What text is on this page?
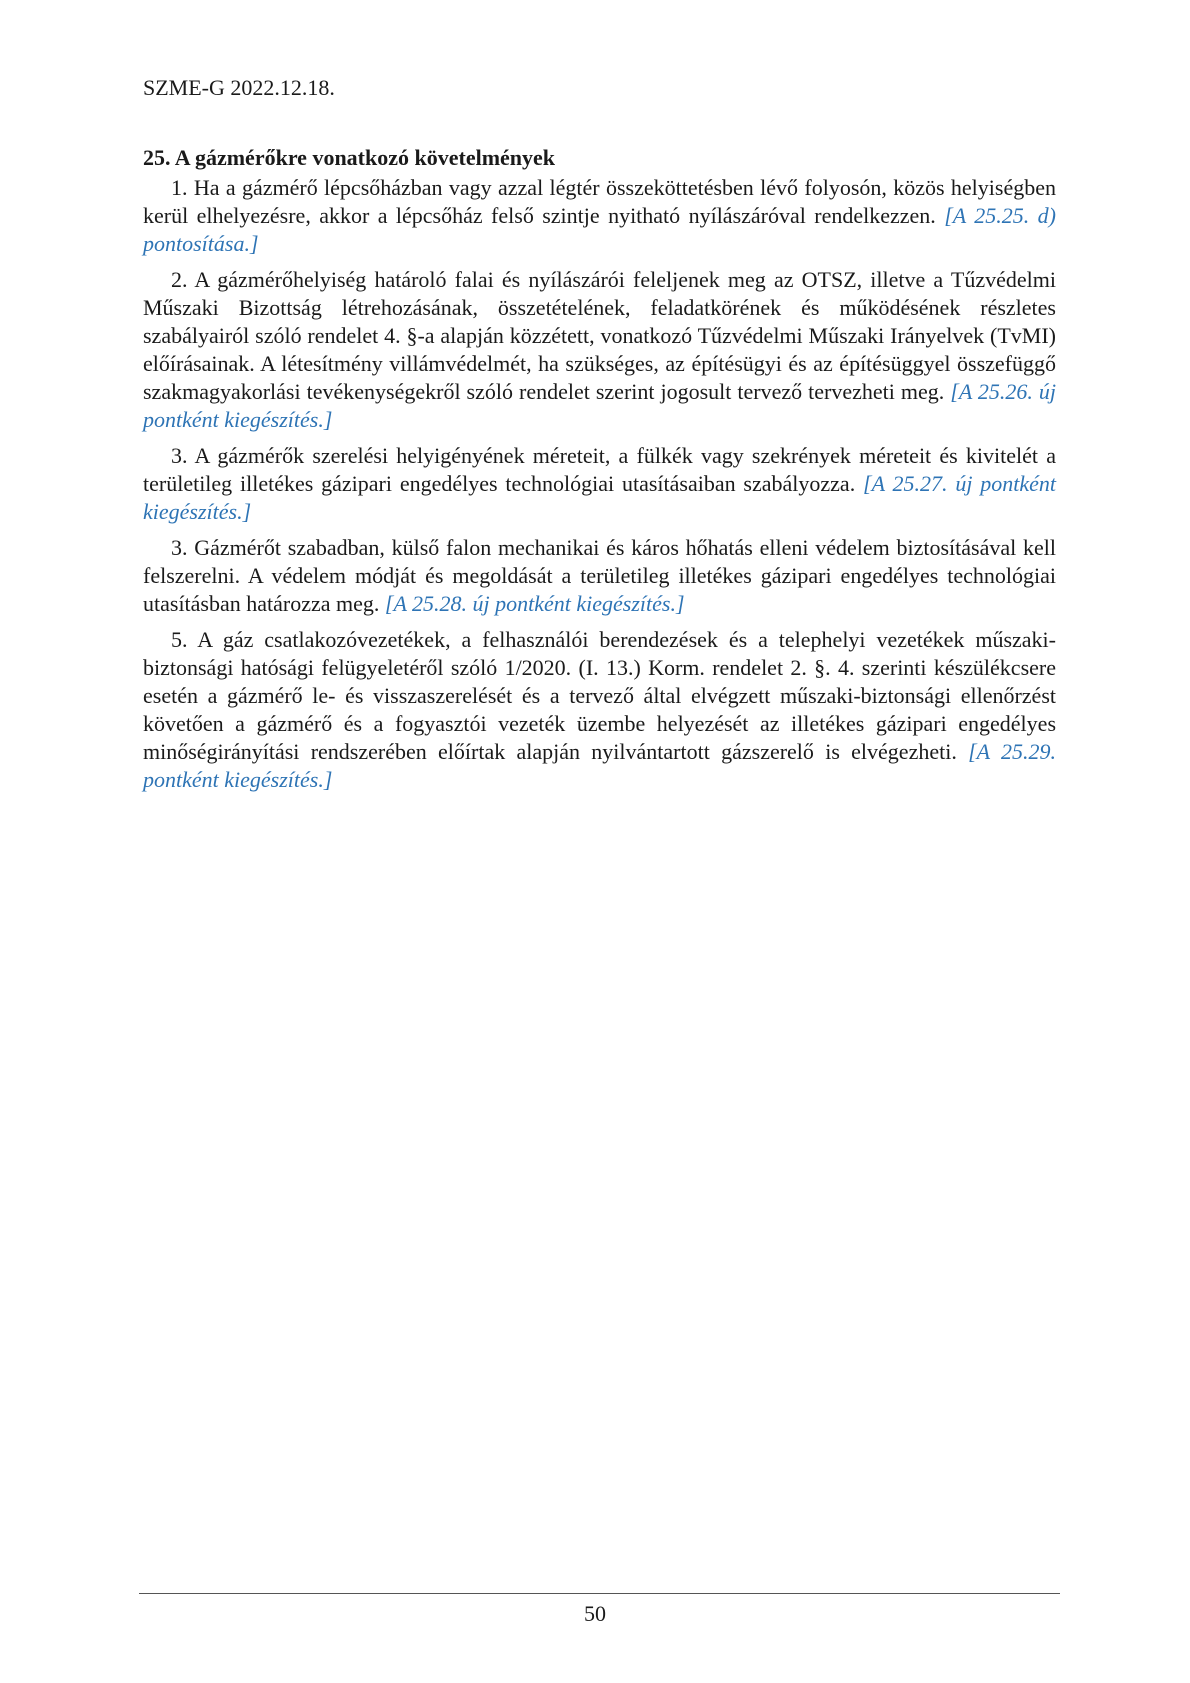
SZME-G 2022.12.18.
25. A gázmérőkre vonatkozó követelmények

1. Ha a gázmérő lépcsőházban vagy azzal légtér összeköttetésben lévő folyosón, közös helyiségben kerül elhelyezésre, akkor a lépcsőház felső szintje nyitható nyílászáróval rendelkezzen. [A 25.25. d) pontosítása.]

2. A gázmérőhelyiség határoló falai és nyílászárói feleljenek meg az OTSZ, illetve a Tűzvédelmi Műszaki Bizottság létrehozásának, összetételének, feladatkörének és működésének részletes szabályairól szóló rendelet 4. §-a alapján közzétett, vonatkozó Tűzvédelmi Műszaki Irányelvek (TvMI) előírásainak. A létesítmény villámvédelmét, ha szükséges, az építésügyi és az építésüggyel összefüggő szakmagyakorlási tevékenységekről szóló rendelet szerint jogosult tervező tervezheti meg. [A 25.26. új pontként kiegészítés.]

3. A gázmérők szerelési helyigényének méreteit, a fülkék vagy szekrények méreteit és kivitelét a területileg illetékes gázipari engedélyes technológiai utasításaiban szabályozza. [A 25.27. új pontként kiegészítés.]

3. Gázmérőt szabadban, külső falon mechanikai és káros hőhatás elleni védelem biztosításával kell felszerelni. A védelem módját és megoldását a területileg illetékes gázipari engedélyes technológiai utasításban határozza meg. [A 25.28. új pontként kiegészítés.]

5. A gáz csatlakozóvezetékek, a felhasználói berendezések és a telephelyi vezetékek műszaki-biztonsági hatósági felügyeletéről szóló 1/2020. (I. 13.) Korm. rendelet 2. §. 4. szerinti készülékcsere esetén a gázmérő le- és visszaszerelését és a tervező által elvégzett műszaki-biztonsági ellenőrzést követően a gázmérő és a fogyasztói vezeték üzembe helyezését az illetékes gázipari engedélyes minőségirányítási rendszerében előírtak alapján nyilvántartott gázszerelő is elvégezheti. [A 25.29. pontként kiegészítés.]

50
